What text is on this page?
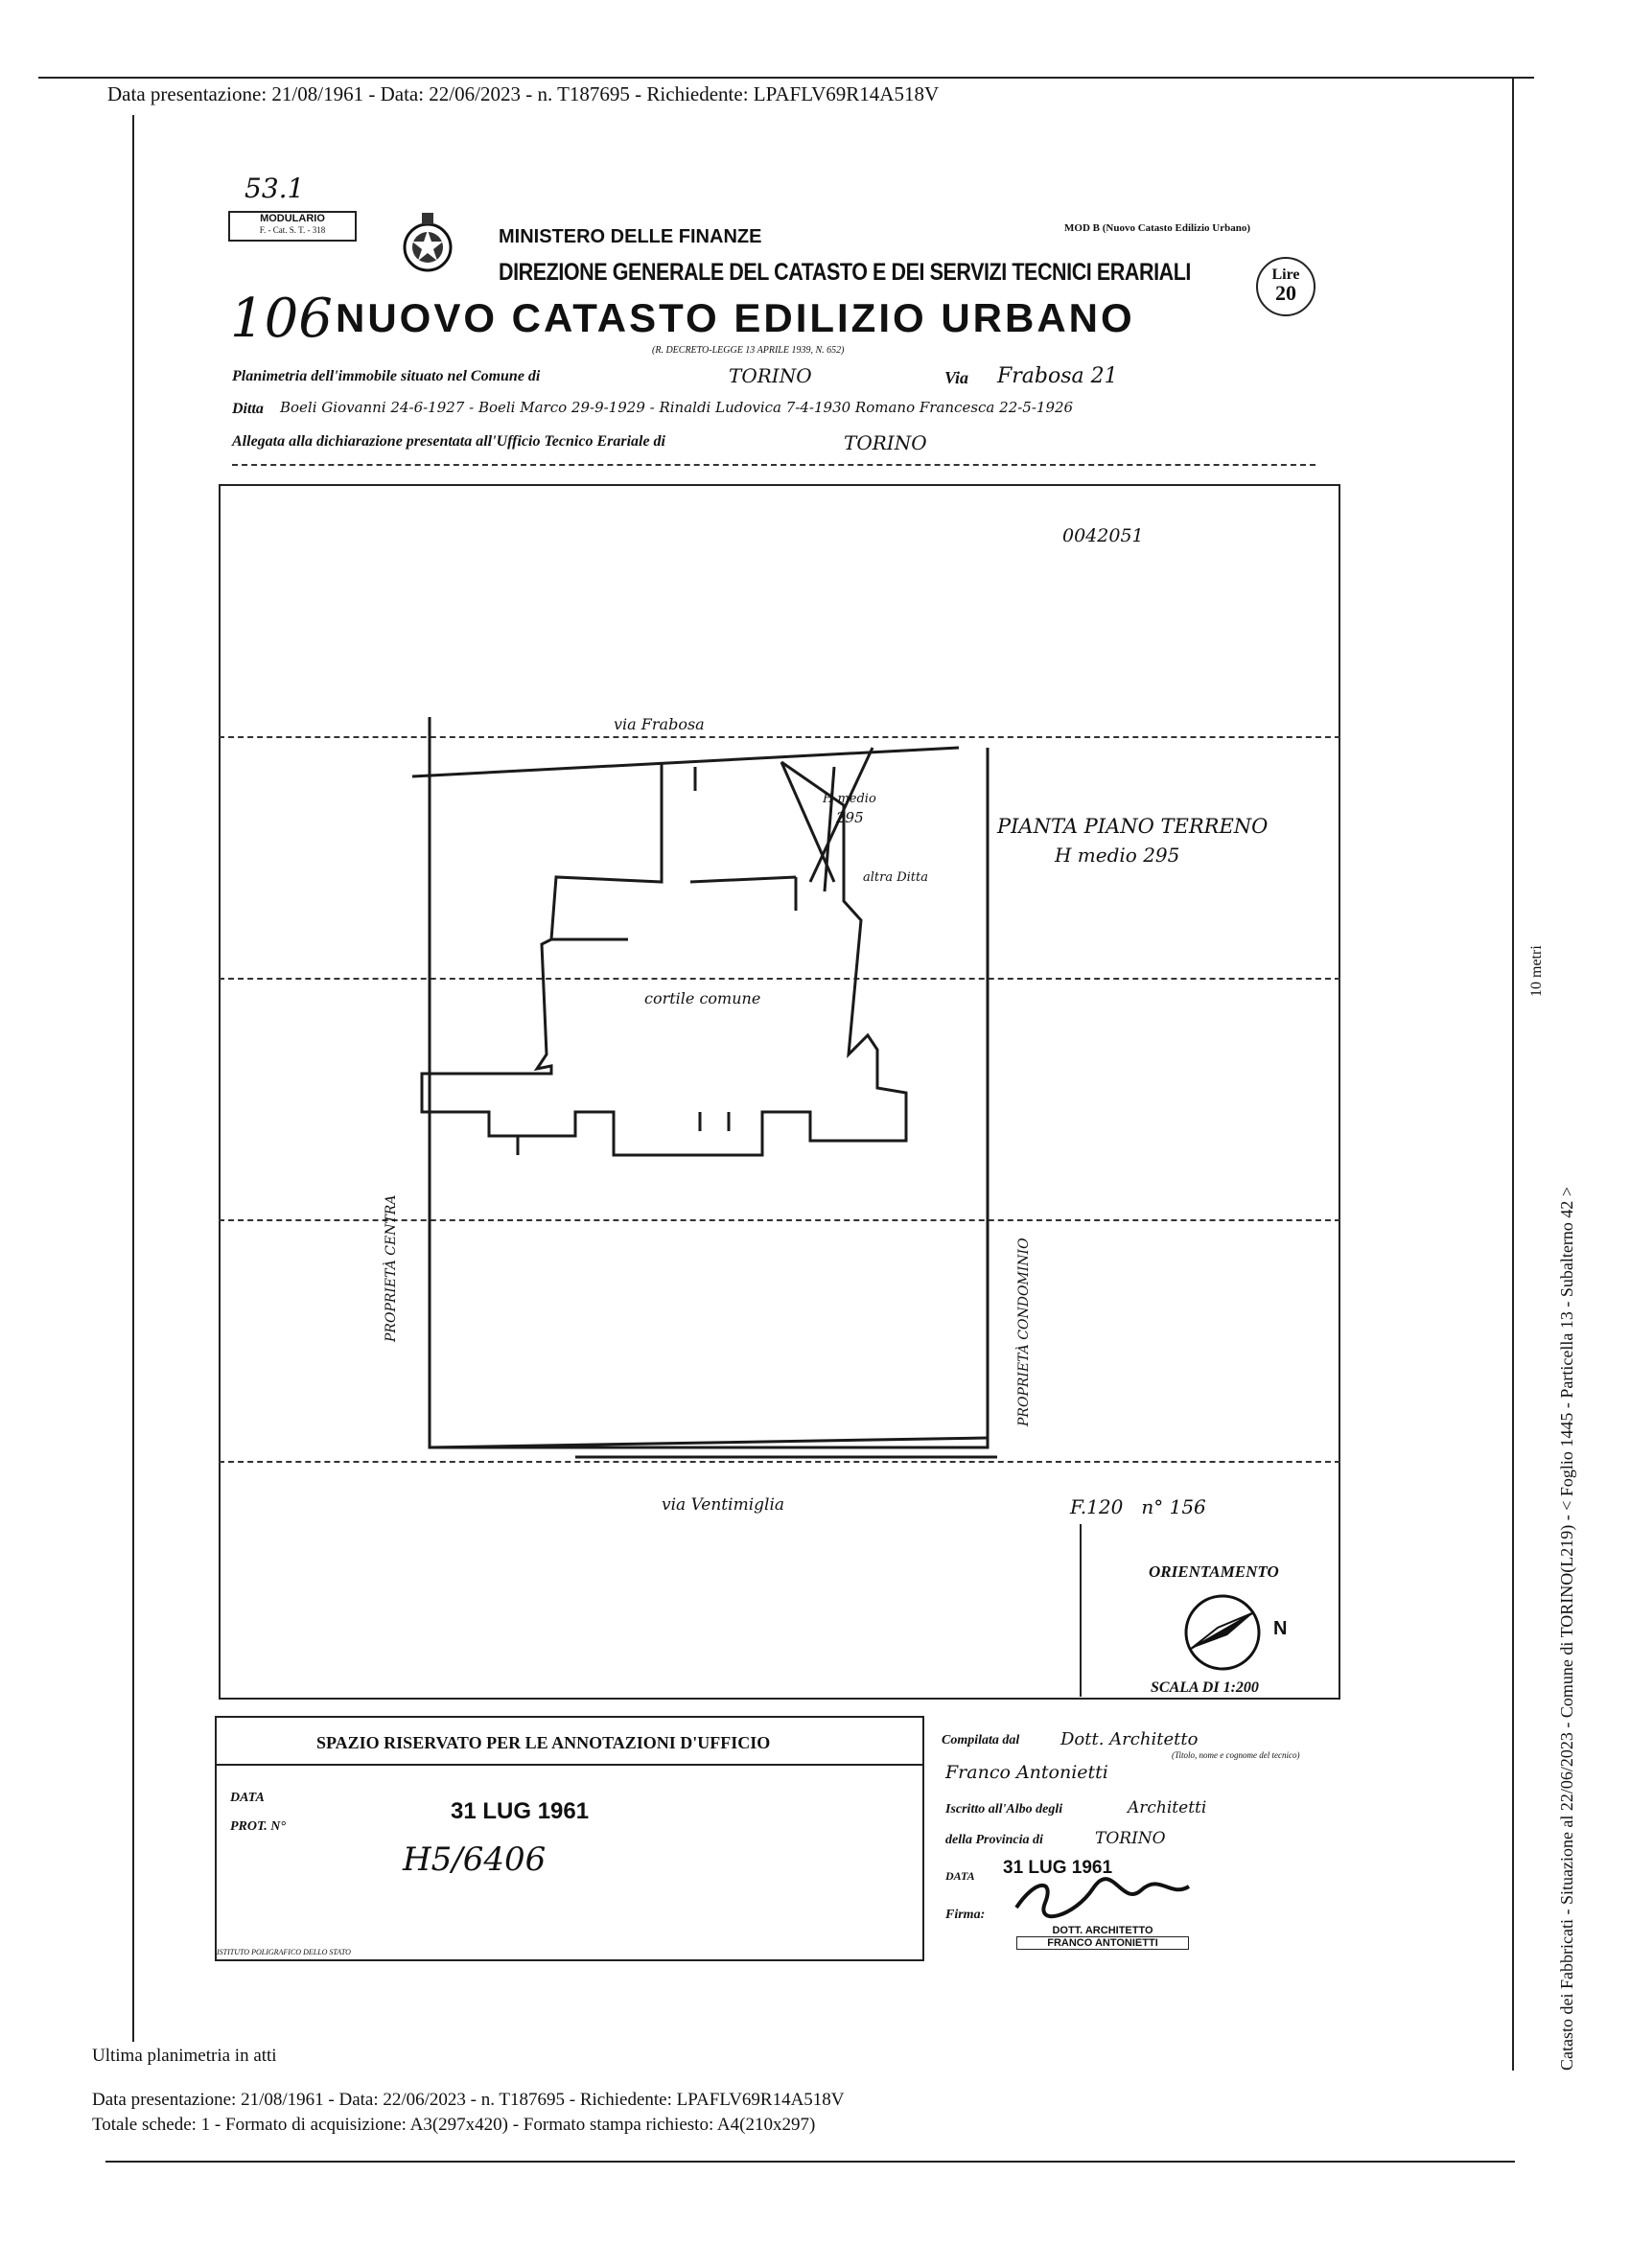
Data presentazione: 21/08/1961 - Data: 22/06/2023 - n. T187695 - Richiedente: LPAFLV69R14A518V
53.1
MODULARIO
F. - Cat. S. T. - 318	MINISTERO DELLE FINANZE	MOD B (Nuovo Catasto Edilizio Urbano)
DIREZIONE GENERALE DEL CATASTO E DEI SERVIZI TECNICI ERARIALI	Lire
20
106 NUOVO CATASTO EDILIZIO URBANO
(R. DECRETO-LEGGE 13 APRILE 1939, N. 652)
Planimetria dell'immobile situato nel Comune di	TORINO	Via Frabosa 21
Ditta Boeli Giovanni 24-6-1927 - Boeli Marco 29-9-1929 - Rinaldi Ludovica 7-4-1930 Romano Francesca 22-5-1926
Allegata alla dichiarazione presentata all'Ufficio Tecnico Erariale di	TORINO
0042051
via Frabosa
H medio
295	PIANTA PIANO TERRENO
H medio 295
altra Ditta
cortile comune
PROPRIETÀ CENTRA	PROPRIETÀ CONDOMINIO
via Ventimiglia	F.120   n° 156
ORIENTAMENTO
N
SCALA DI 1:200
SPAZIO RISERVATO PER LE ANNOTAZIONI D'UFFICIO
DATA
PROT. N°
31 LUG 1961
H5/6406
ISTITUTO POLIGRAFICO DELLO STATO
Compilata dal Dott. Architetto
(Titolo, nome e cognome del tecnico)
Franco Antonietti
Iscritto all'Albo degli	Architetti
della Provincia di	TORINO
DATA 31 LUG 1961
Firma:
DOTT. ARCHITETTO
FRANCO ANTONIETTI	Catasto dei Fabbricati - Situazione al 22/06/2023 - Comune di TORINO(L219) - < Foglio 1445 - Particella 13 - Subalterno 42 >
10 metri
Ultima planimetria in atti
Data presentazione: 21/08/1961 - Data: 22/06/2023 - n. T187695 - Richiedente: LPAFLV69R14A518V
Totale schede: 1 - Formato di acquisizione: A3(297x420) - Formato stampa richiesto: A4(210x297)
